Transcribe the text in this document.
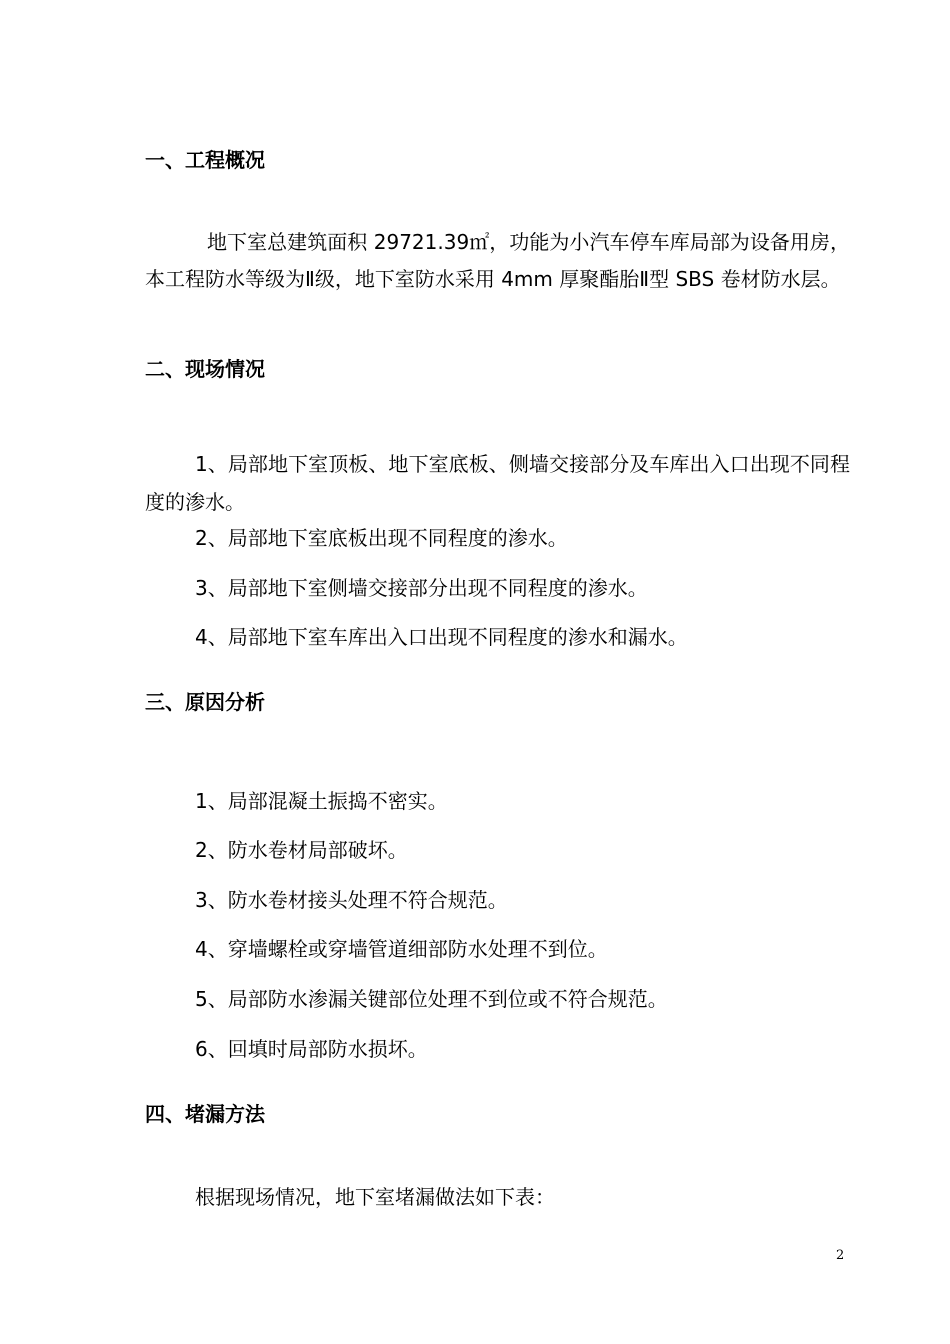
一、工程概况
地下室总建筑面积 29721.39㎡，功能为小汽车停车库局部为设备用房，本工程防水等级为Ⅱ级，地下室防水采用 4mm 厚聚酯胎Ⅱ型 SBS 卷材防水层。
二、现场情况
1、局部地下室顶板、地下室底板、侧墙交接部分及车库出入口出现不同程度的渗水。
2、局部地下室底板出现不同程度的渗水。
3、局部地下室侧墙交接部分出现不同程度的渗水。
4、局部地下室车库出入口出现不同程度的渗水和漏水。
三、原因分析
1、局部混凝土振捣不密实。
2、防水卷材局部破坏。
3、防水卷材接头处理不符合规范。
4、穿墙螺栓或穿墙管道细部防水处理不到位。
5、局部防水渗漏关键部位处理不到位或不符合规范。
6、回填时局部防水损坏。
四、堵漏方法
根据现场情况，地下室堵漏做法如下表：
2
